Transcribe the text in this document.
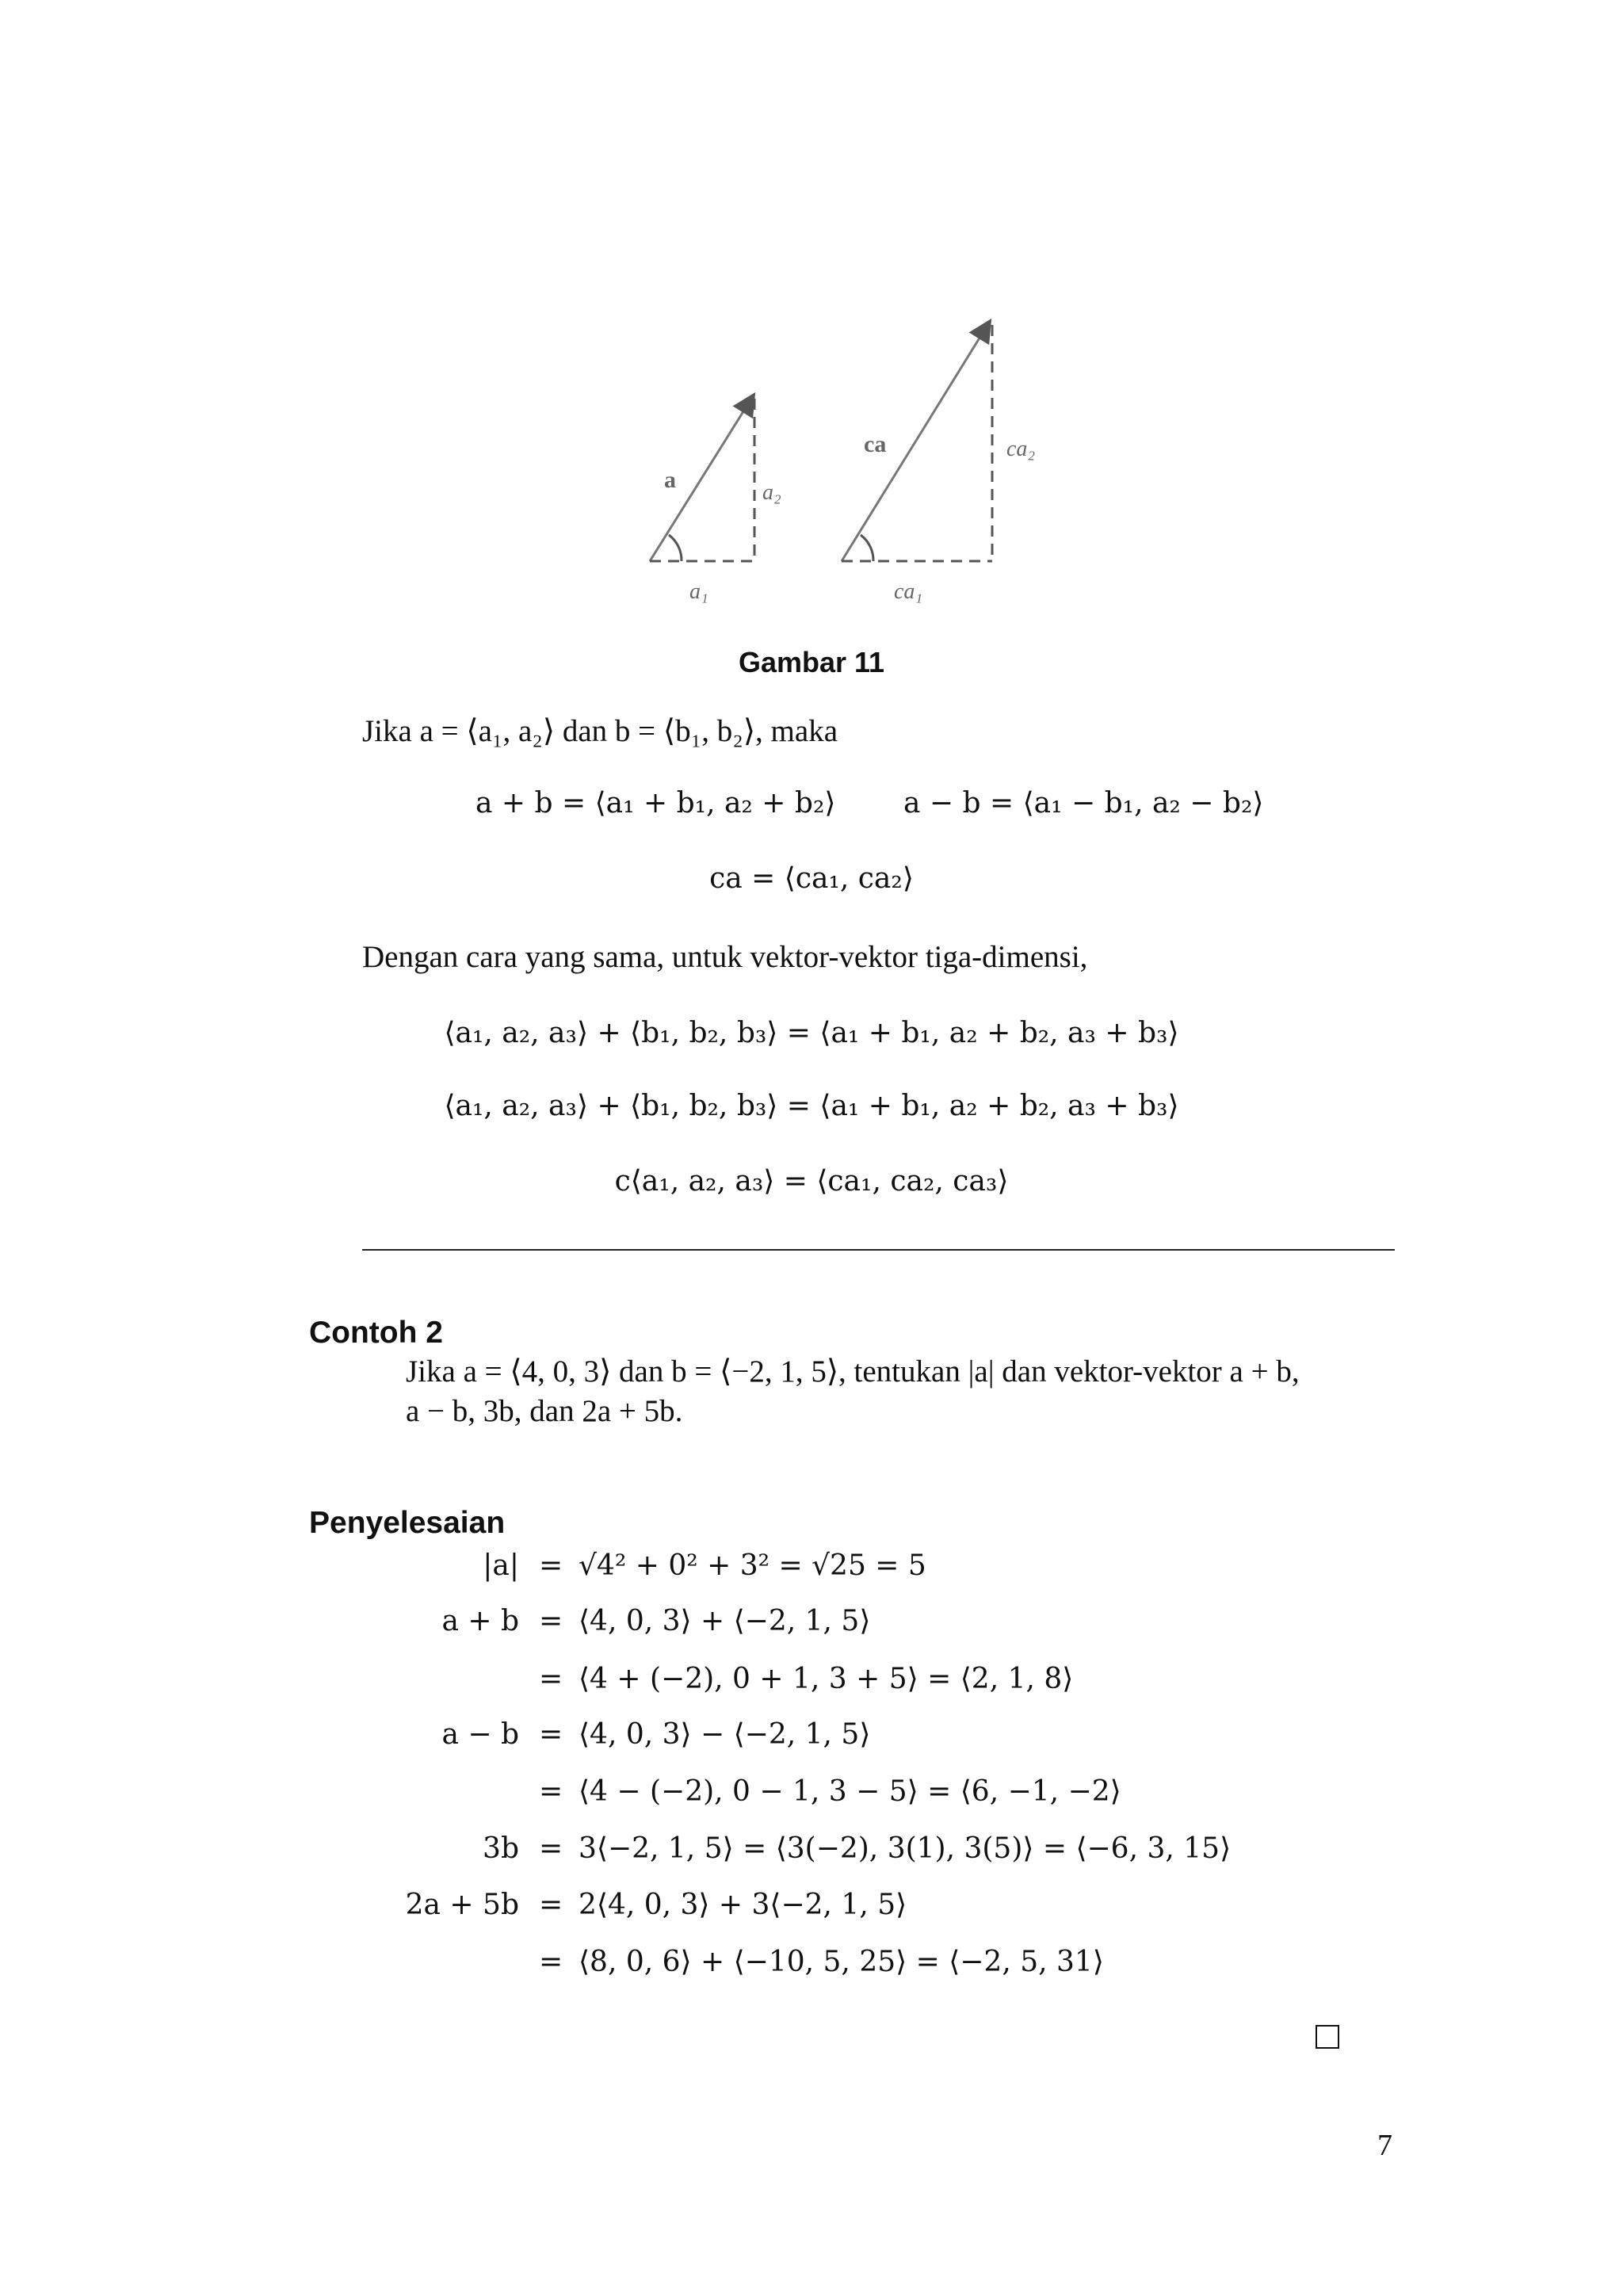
a	a₂
a₁
ca	ca₂
ca₁
Gambar 11
Jika a = ⟨a₁, a₂⟩ dan b = ⟨b₁, b₂⟩, maka
a + b = ⟨a₁ + b₁, a₂ + b₂⟩ a − b = ⟨a₁ − b₁, a₂ − b₂⟩
ca = ⟨ca₁, ca₂⟩
Dengan cara yang sama, untuk vektor-vektor tiga-dimensi,
⟨a₁, a₂, a₃⟩ + ⟨b₁, b₂, b₃⟩ = ⟨a₁ + b₁, a₂ + b₂, a₃ + b₃⟩
⟨a₁, a₂, a₃⟩ + ⟨b₁, b₂, b₃⟩ = ⟨a₁ + b₁, a₂ + b₂, a₃ + b₃⟩
c⟨a₁, a₂, a₃⟩ = ⟨ca₁, ca₂, ca₃⟩
Contoh 2
Jika a = ⟨4, 0, 3⟩ dan b = ⟨−2, 1, 5⟩, tentukan |a| dan vektor-vektor a + b,
a − b, 3b, dan 2a + 5b.
Penyelesaian
|a| = √4² + 0² + 3² = √25 = 5
a + b = ⟨4, 0, 3⟩ + ⟨−2, 1, 5⟩
= ⟨4 + (−2), 0 + 1, 3 + 5⟩ = ⟨2, 1, 8⟩
a − b = ⟨4, 0, 3⟩ − ⟨−2, 1, 5⟩
= ⟨4 − (−2), 0 − 1, 3 − 5⟩ = ⟨6, −1, −2⟩
3b = 3⟨−2, 1, 5⟩ = ⟨3(−2), 3(1), 3(5)⟩ = ⟨−6, 3, 15⟩
2a + 5b = 2⟨4, 0, 3⟩ + 3⟨−2, 1, 5⟩
= ⟨8, 0, 6⟩ + ⟨−10, 5, 25⟩ = ⟨−2, 5, 31⟩
7
